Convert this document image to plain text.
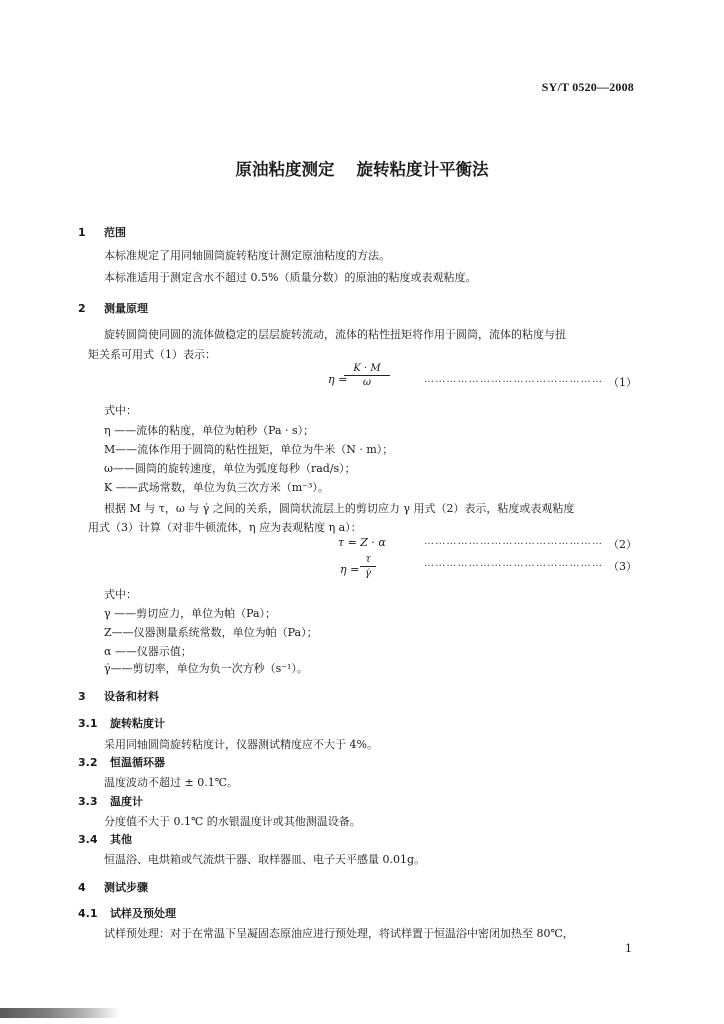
SY/T 0520—2008
原油粘度测定 旋转粘度计平衡法
1 范围
本标准规定了用同轴圆筒旋转粘度计测定原油粘度的方法。
本标准适用于测定含水不超过 0.5%（质量分数）的原油的粘度或表观粘度。
2 测量原理
旋转圆筒使同圆的流体做稳定的层层旋转流动，流体的粘性扭矩将作用于圆筒，流体的粘度与扭
矩关系可用式（1）表示：
η =
K · M
ω	………………………………………… （1）
式中：
η ——流体的粘度，单位为帕秒（Pa · s）；
M——流体作用于圆筒的粘性扭矩，单位为牛米（N · m）；
ω——圆筒的旋转速度，单位为弧度每秒（rad/s）；
K ——武场常数，单位为负三次方米（m⁻³）。
根据 M 与 τ，ω 与 γ̇ 之间的关系，圆筒状流层上的剪切应力 γ 用式（2）表示，粘度或表观粘度
用式（3）计算（对非牛顿流体，η 应为表观粘度 η a）：
τ = Z · α	………………………………………… （2）
η =
τ
γ̇
………………………………………… （3）
式中：
γ ——剪切应力，单位为帕（Pa）；
Z——仪器测量系统常数，单位为帕（Pa）；
α ——仪器示值；
γ̇——剪切率，单位为负一次方秒（s⁻¹）。
3 设备和材料
3.1 旋转粘度计
采用同轴圆筒旋转粘度计，仪器测试精度应不大于 4%。
3.2 恒温循环器
温度波动不超过 ± 0.1℃。
3.3 温度计
分度值不大于 0.1℃ 的水银温度计或其他测温设备。
3.4 其他
恒温浴、电烘箱或气流烘干器、取样器皿、电子天平感量 0.01g。
4 测试步骤
4.1 试样及预处理
试样预处理：对于在常温下呈凝固态原油应进行预处理，将试样置于恒温浴中密闭加热至 80℃，
1
